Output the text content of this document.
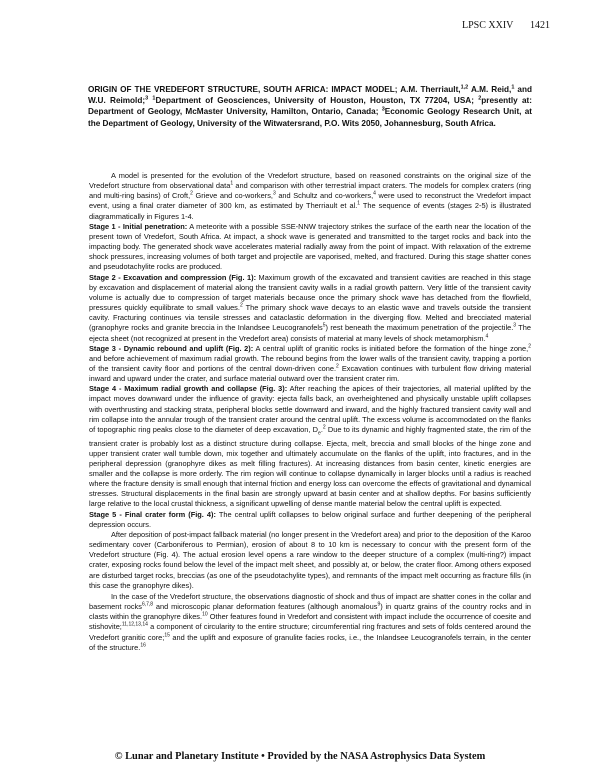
LPSC XXIV 1421
ORIGIN OF THE VREDEFORT STRUCTURE, SOUTH AFRICA: IMPACT MODEL; A.M. Therriault,$^{1,2}$ A.M. Reid,$^1$ and W.U. Reimold;$^3$ $^1$Department of Geosciences, University of Houston, Houston, TX 77204, USA; $^2$presently at: Department of Geology, McMaster University, Hamilton, Ontario, Canada; $^3$Economic Geology Research Unit, at the Department of Geology, University of the Witwatersrand, P.O. Wits 2050, Johannesburg, South Africa.

A model is presented for the evolution of the Vredefort structure, based on reasoned constraints on the original size of the Vredefort structure from observational data$^1$ and comparison with other terrestrial impact craters. The models for complex craters (ring and multi-ring basins) of Croft,$^2$ Grieve and co-workers,$^3$ and Schultz and co-workers,$^4$ were used to reconstruct the Vredefort impact event, using a final crater diameter of 300 km, as estimated by Therriault et al.$^1$ The sequence of events (stages 2-5) is illustrated diagrammatically in Figures 1-4.

Stage 1 - Initial penetration: A meteorite with a possible SSE-NNW trajectory strikes the surface of the earth near the location of the present town of Vredefort, South Africa. At impact, a shock wave is generated and transmitted to the target rocks and back into the impacting body. The generated shock wave accelerates material radially away from the point of impact. With relaxation of the extreme shock pressures, increasing volumes of both target and projectile are vaporised, melted, and fractured. During this stage shatter cones and pseudotachylite rocks are produced.

Stage 2 - Excavation and compression (Fig. 1): Maximum growth of the excavated and transient cavities are reached in this stage by excavation and displacement of material along the transient cavity walls in a radial growth pattern. Very little of the transient cavity volume is actually due to compression of target materials because once the primary shock wave has detached from the flowfield, pressures quickly equilibrate to small values.$^2$ The primary shock wave decays to an elastic wave and travels outside the transient cavity. Fracturing continues via tensile stresses and cataclastic deformation in the diverging flow. Melted and brecciated material (granophyre rocks and granite breccia in the Inlandsee Leucogranofels$^5$) rest beneath the maximum penetration of the projectile.$^3$ The ejecta sheet (not recognized at present in the Vredefort area) consists of material at many levels of shock metamorphism.$^4$

Stage 3 - Dynamic rebound and uplift (Fig. 2): A central uplift of granitic rocks is initiated before the formation of the hinge zone,$^2$ and before achievement of maximum radial growth. The rebound begins from the lower walls of the transient cavity, trapping a portion of the transient cavity floor and portions of the central down-driven cone.$^2$ Excavation continues with turbulent flow driving material inward and upward under the crater, and surface material outward over the transient crater rim.

Stage 4 - Maximum radial growth and collapse (Fig. 3): After reaching the apices of their trajectories, all material uplifted by the impact moves downward under the influence of gravity: ejecta falls back, an overheightened and physically unstable uplift collapses with overthrusting and stacking strata, peripheral blocks settle downward and inward, and the highly fractured transient cavity wall and rim collapse into the annular trough of the transient crater around the central uplift. The excess volume is accommodated on the flanks of topographic ring peaks close to the diameter of deep excavation, $D_e.^2$ Due to its dynamic and highly fragmented state, the rim of the transient crater is probably lost as a distinct structure during collapse. Ejecta, melt, breccia and small blocks of the hinge zone and upper transient crater wall tumble down, mix together and ultimately accumulate on the flanks of the uplift, into fractures, and in the peripheral depression (granophyre dikes as melt filling fractures). At increasing distances from basin center, kinetic energies are smaller and the collapse is more orderly. The rim region will continue to collapse dynamically in larger blocks until a radius is reached where the fracture density is small enough that internal friction and energy loss can overcome the effects of gravitational and dynamical stresses. Structural displacements in the final basin are strongly upward at basin center and at shallow depths. For basins sufficiently large relative to the local crustal thickness, a significant upwelling of dense mantle material below the central uplift is expected.

Stage 5 - Final crater form (Fig. 4): The central uplift collapses to below original surface and further deepening of the peripheral depression occurs.

After deposition of post-impact fallback material (no longer present in the Vredefort area) and prior to the deposition of the Karoo sedimentary cover (Carboniferous to Permian), erosion of about 8 to 10 km is necessary to concur with the present form of the Vredefort structure (Fig. 4). The actual erosion level opens a rare window to the deeper structure of a complex (multi-ring?) impact crater, exposing rocks found below the level of the impact melt sheet, and possibly at, or below, the crater floor. Among others exposed are disturbed target rocks, breccias (as one of the pseudotachylite types), and remnants of the impact melt occurring as fracture fills (in this case the granophyre dikes).

In the case of the Vredefort structure, the observations diagnostic of shock and thus of impact are shatter cones in the collar and basement rocks$^{6,7,8}$ and microscopic planar deformation features (although anomalous$^9$) in quartz grains of the country rocks and in clasts within the granophyre dikes.$^{10}$ Other features found in Vredefort and consistent with impact include the occurrence of coesite and stishovite;$^{11,12,13,14}$ a component of circularity to the entire structure; circumferential ring fractures and sets of folds centered around the Vredefort granitic core;$^{15}$ and the uplift and exposure of granulite facies rocks, i.e., the Inlandsee Leucogranofels terrain, in the center of the structure.$^{16}$

© Lunar and Planetary Institute • Provided by the NASA Astrophysics Data System
